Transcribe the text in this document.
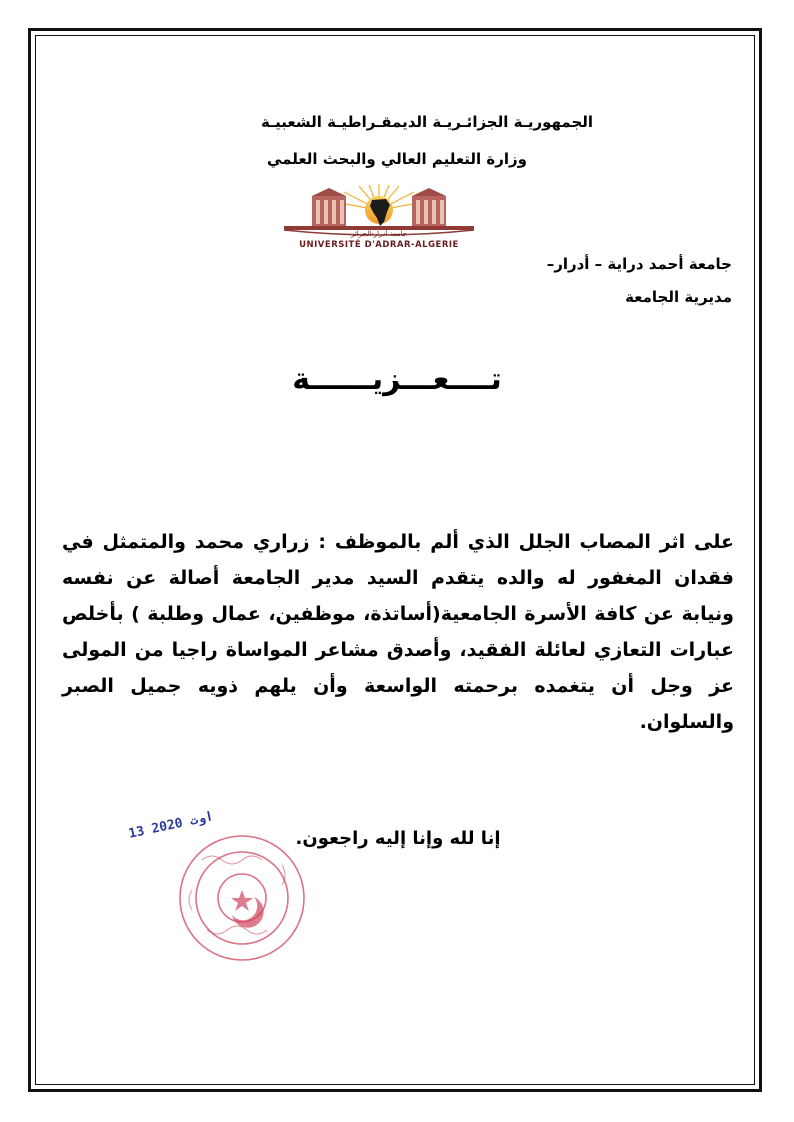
الجمهوريـة الجزائـريـة الديمقـراطيـة الشعبيـة
وزارة التعليم العالي والبحث العلمي
جامعة أدرار-الجزائر
UNIVERSITÉ D'ADRAR-ALGERIE
جامعة أحمد دراية – أدرار–
مديرية الجامعة
تــــعـــزيــــــة

على اثر المصاب الجلل الذي ألم بالموظف : زراري محمد والمتمثل في فقدان المغفور له والده يتقدم السيد مدير الجامعة أصالة عن نفسه ونيابة عن كافة الأسرة الجامعية(أساتذة، موظفين، عمال وطلبة ) بأخلص عبارات التعازي لعائلة الفقيد، وأصدق مشاعر المواساة راجيا من المولى عز وجل أن يتغمده برحمته الواسعة وأن يلهم ذويه جميل الصبر والسلوان.

إنا لله وإنا إليه راجعون.
13 اوت 2020
